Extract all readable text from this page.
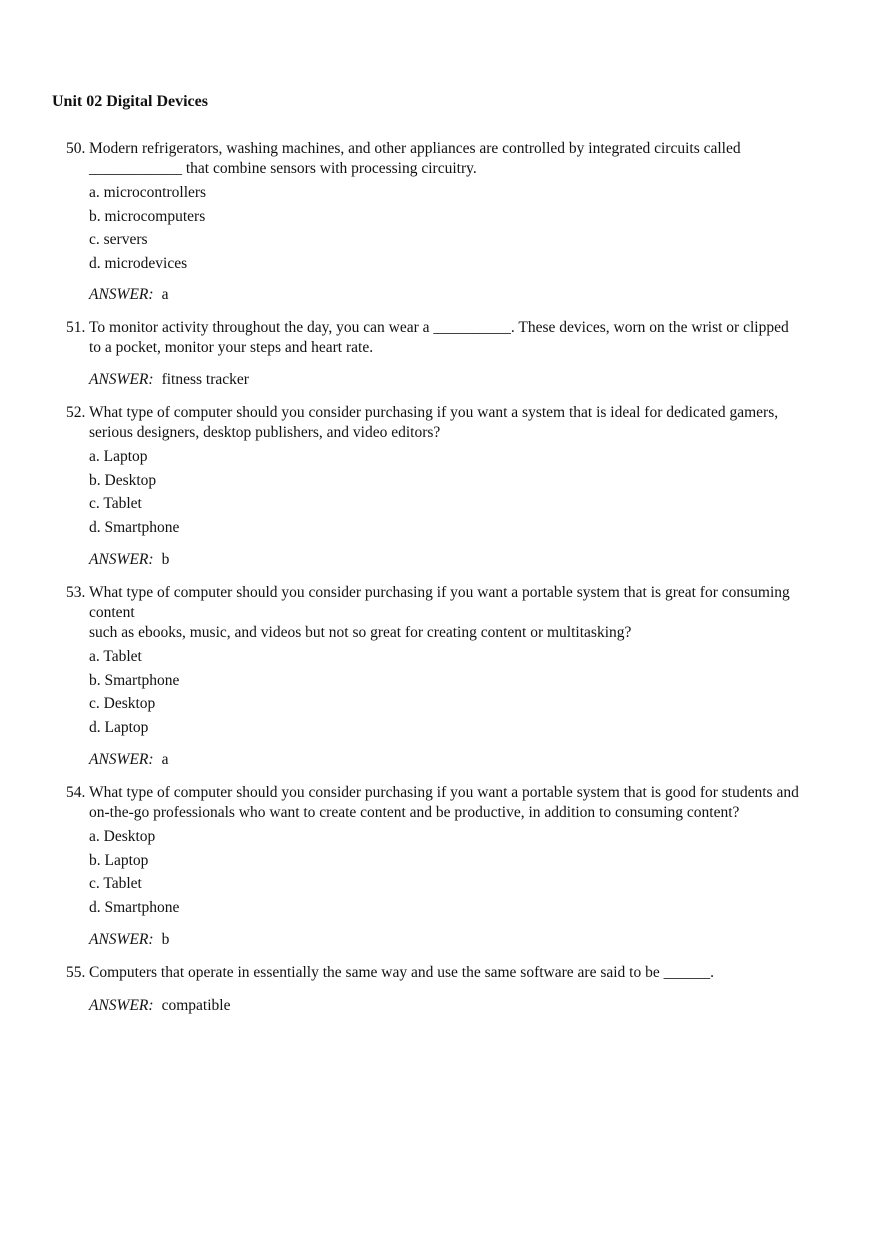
Unit 02 Digital Devices
50. Modern refrigerators, washing machines, and other appliances are controlled by integrated circuits called
____________ that combine sensors with processing circuitry.
a. microcontrollers
b. microcomputers
c. servers
d. microdevices
ANSWER: a
51. To monitor activity throughout the day, you can wear a __________. These devices, worn on the wrist or clipped
to a pocket, monitor your steps and heart rate.
ANSWER: fitness tracker
52. What type of computer should you consider purchasing if you want a system that is ideal for dedicated gamers,
serious designers, desktop publishers, and video editors?
a. Laptop
b. Desktop
c. Tablet
d. Smartphone
ANSWER: b
53. What type of computer should you consider purchasing if you want a portable system that is great for consuming
content
such as ebooks, music, and videos but not so great for creating content or multitasking?
a. Tablet
b. Smartphone
c. Desktop
d. Laptop
ANSWER: a
54. What type of computer should you consider purchasing if you want a portable system that is good for students and
on-the-go professionals who want to create content and be productive, in addition to consuming content?
a. Desktop
b. Laptop
c. Tablet
d. Smartphone
ANSWER: b
55. Computers that operate in essentially the same way and use the same software are said to be ______.
ANSWER: compatible
